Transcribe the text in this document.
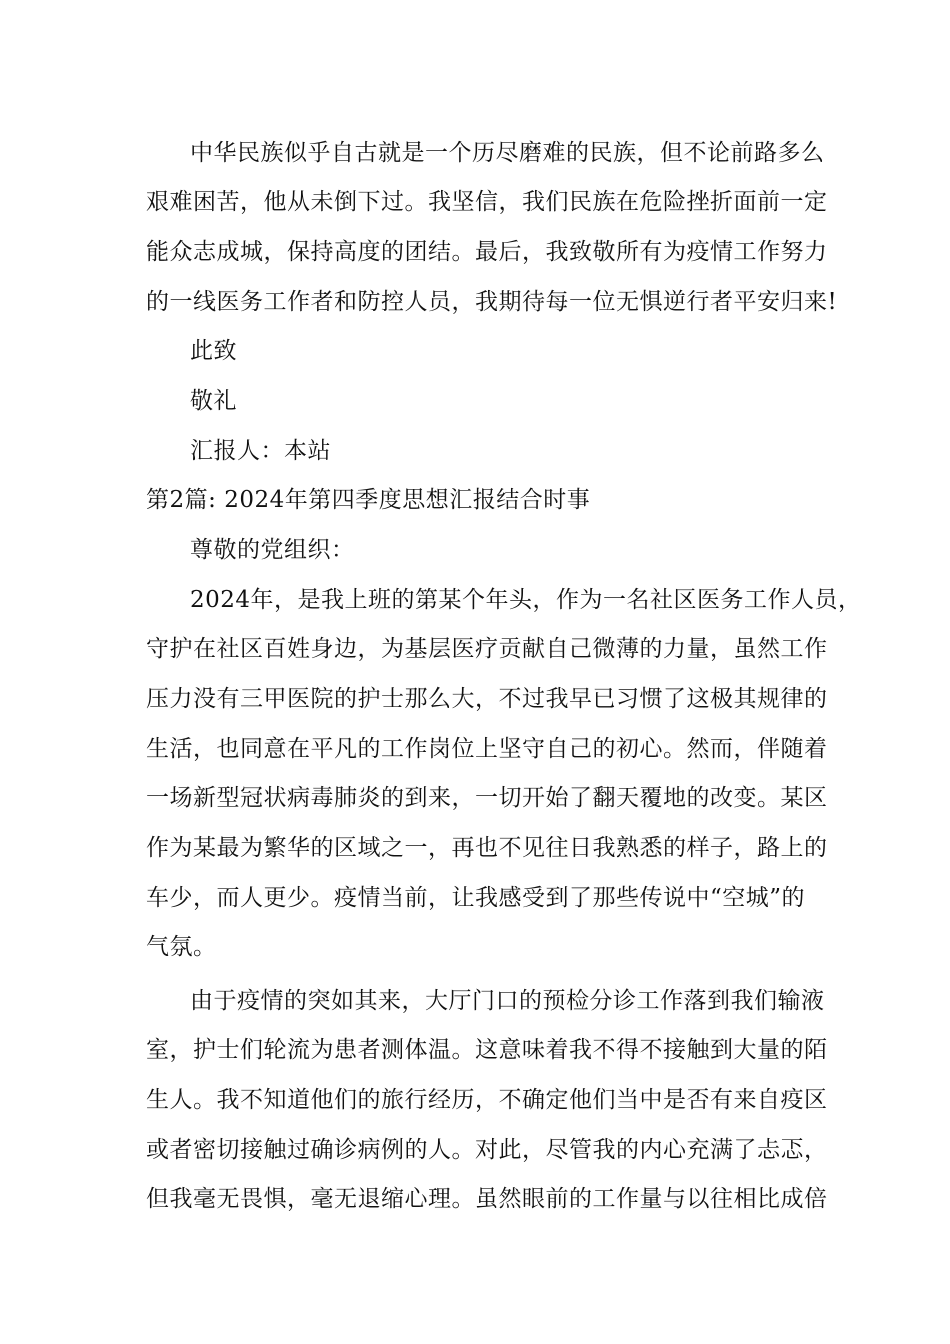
中华民族似乎自古就是一个历尽磨难的民族，但不论前路多么
艰难困苦，他从未倒下过。我坚信，我们民族在危险挫折面前一定
能众志成城，保持高度的团结。最后，我致敬所有为疫情工作努力
的一线医务工作者和防控人员，我期待每一位无惧逆行者平安归来!
此致
敬礼
汇报人：本站
第2篇: 2024年第四季度思想汇报结合时事
尊敬的党组织：
2024年，是我上班的第某个年头，作为一名社区医务工作人员，
守护在社区百姓身边，为基层医疗贡献自己微薄的力量，虽然工作
压力没有三甲医院的护士那么大，不过我早已习惯了这极其规律的
生活，也同意在平凡的工作岗位上坚守自己的初心。然而，伴随着
一场新型冠状病毒肺炎的到来，一切开始了翻天覆地的改变。某区
作为某最为繁华的区域之一，再也不见往日我熟悉的样子，路上的
车少，而人更少。疫情当前，让我感受到了那些传说中“空城”的
气氛。
由于疫情的突如其来，大厅门口的预检分诊工作落到我们输液
室，护士们轮流为患者测体温。这意味着我不得不接触到大量的陌
生人。我不知道他们的旅行经历，不确定他们当中是否有来自疫区
或者密切接触过确诊病例的人。对此，尽管我的内心充满了忐忑，
但我毫无畏惧，毫无退缩心理。虽然眼前的工作量与以往相比成倍
